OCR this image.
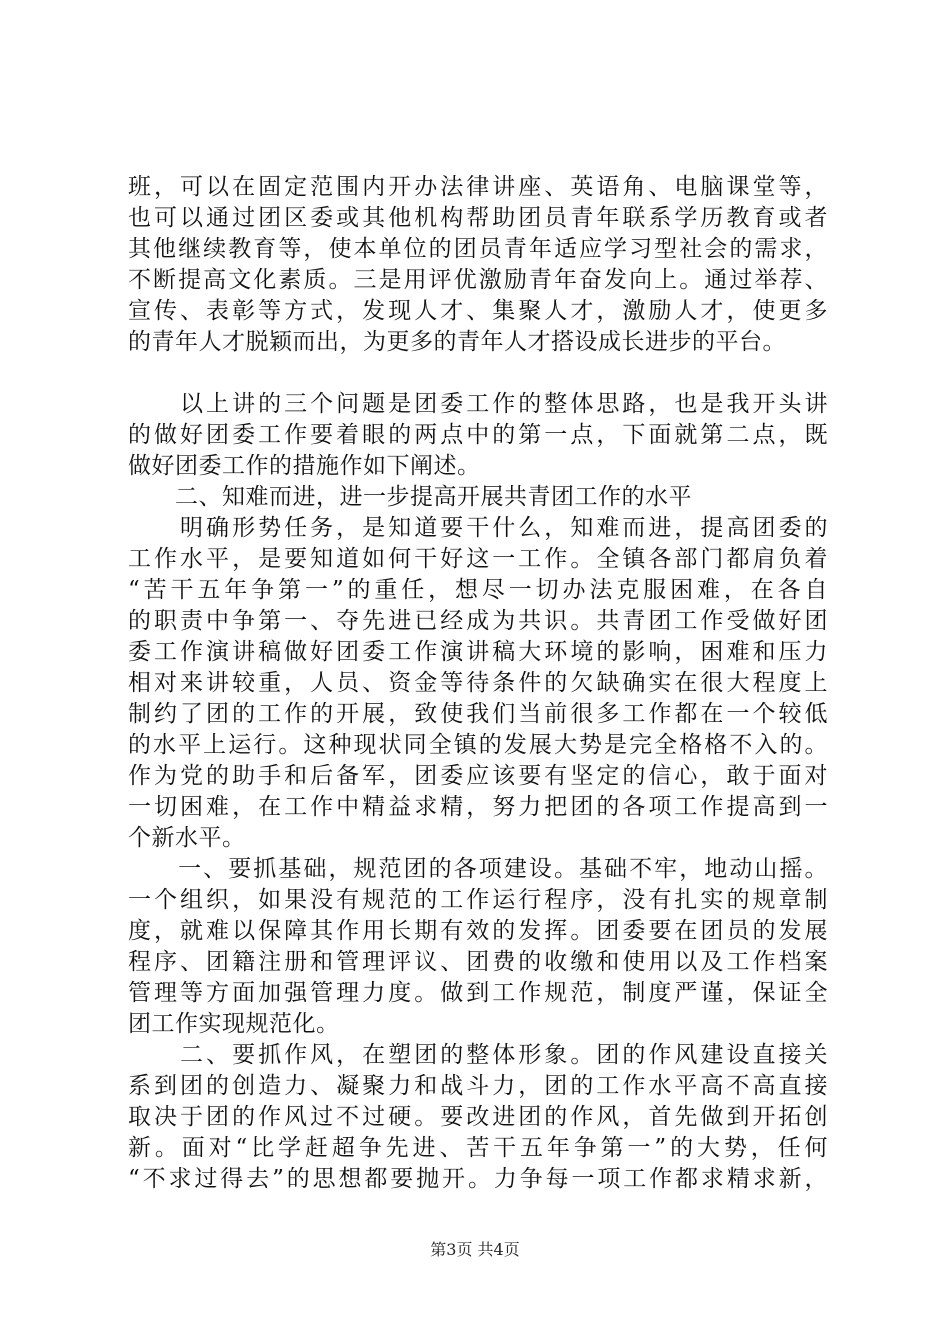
班，可以在固定范围内开办法律讲座、英语角、电脑课堂等，
也可以通过团区委或其他机构帮助团员青年联系学历教育或者
其他继续教育等，使本单位的团员青年适应学习型社会的需求，
不断提高文化素质。三是用评优激励青年奋发向上。通过举荐、
宣传、表彰等方式，发现人才、集聚人才，激励人才，使更多
的青年人才脱颖而出，为更多的青年人才搭设成长进步的平台。
　　以上讲的三个问题是团委工作的整体思路，也是我开头讲
的做好团委工作要着眼的两点中的第一点，下面就第二点，既
做好团委工作的措施作如下阐述。
　　二、知难而进，进一步提高开展共青团工作的水平
　　明确形势任务，是知道要干什么，知难而进，提高团委的
工作水平，是要知道如何干好这一工作。全镇各部门都肩负着
“苦干五年争第一”的重任，想尽一切办法克服困难，在各自
的职责中争第一、夺先进已经成为共识。共青团工作受做好团
委工作演讲稿做好团委工作演讲稿大环境的影响，困难和压力
相对来讲较重，人员、资金等待条件的欠缺确实在很大程度上
制约了团的工作的开展，致使我们当前很多工作都在一个较低
的水平上运行。这种现状同全镇的发展大势是完全格格不入的。
作为党的助手和后备军，团委应该要有坚定的信心，敢于面对
一切困难，在工作中精益求精，努力把团的各项工作提高到一
个新水平。
　　一、要抓基础，规范团的各项建设。基础不牢，地动山摇。
一个组织，如果没有规范的工作运行程序，没有扎实的规章制
度，就难以保障其作用长期有效的发挥。团委要在团员的发展
程序、团籍注册和管理评议、团费的收缴和使用以及工作档案
管理等方面加强管理力度。做到工作规范，制度严谨，保证全
团工作实现规范化。
　　二、要抓作风，在塑团的整体形象。团的作风建设直接关
系到团的创造力、凝聚力和战斗力，团的工作水平高不高直接
取决于团的作风过不过硬。要改进团的作风，首先做到开拓创
新。面对“比学赶超争先进、苦干五年争第一”的大势，任何
“不求过得去”的思想都要抛开。力争每一项工作都求精求新，
第3页 共4页
